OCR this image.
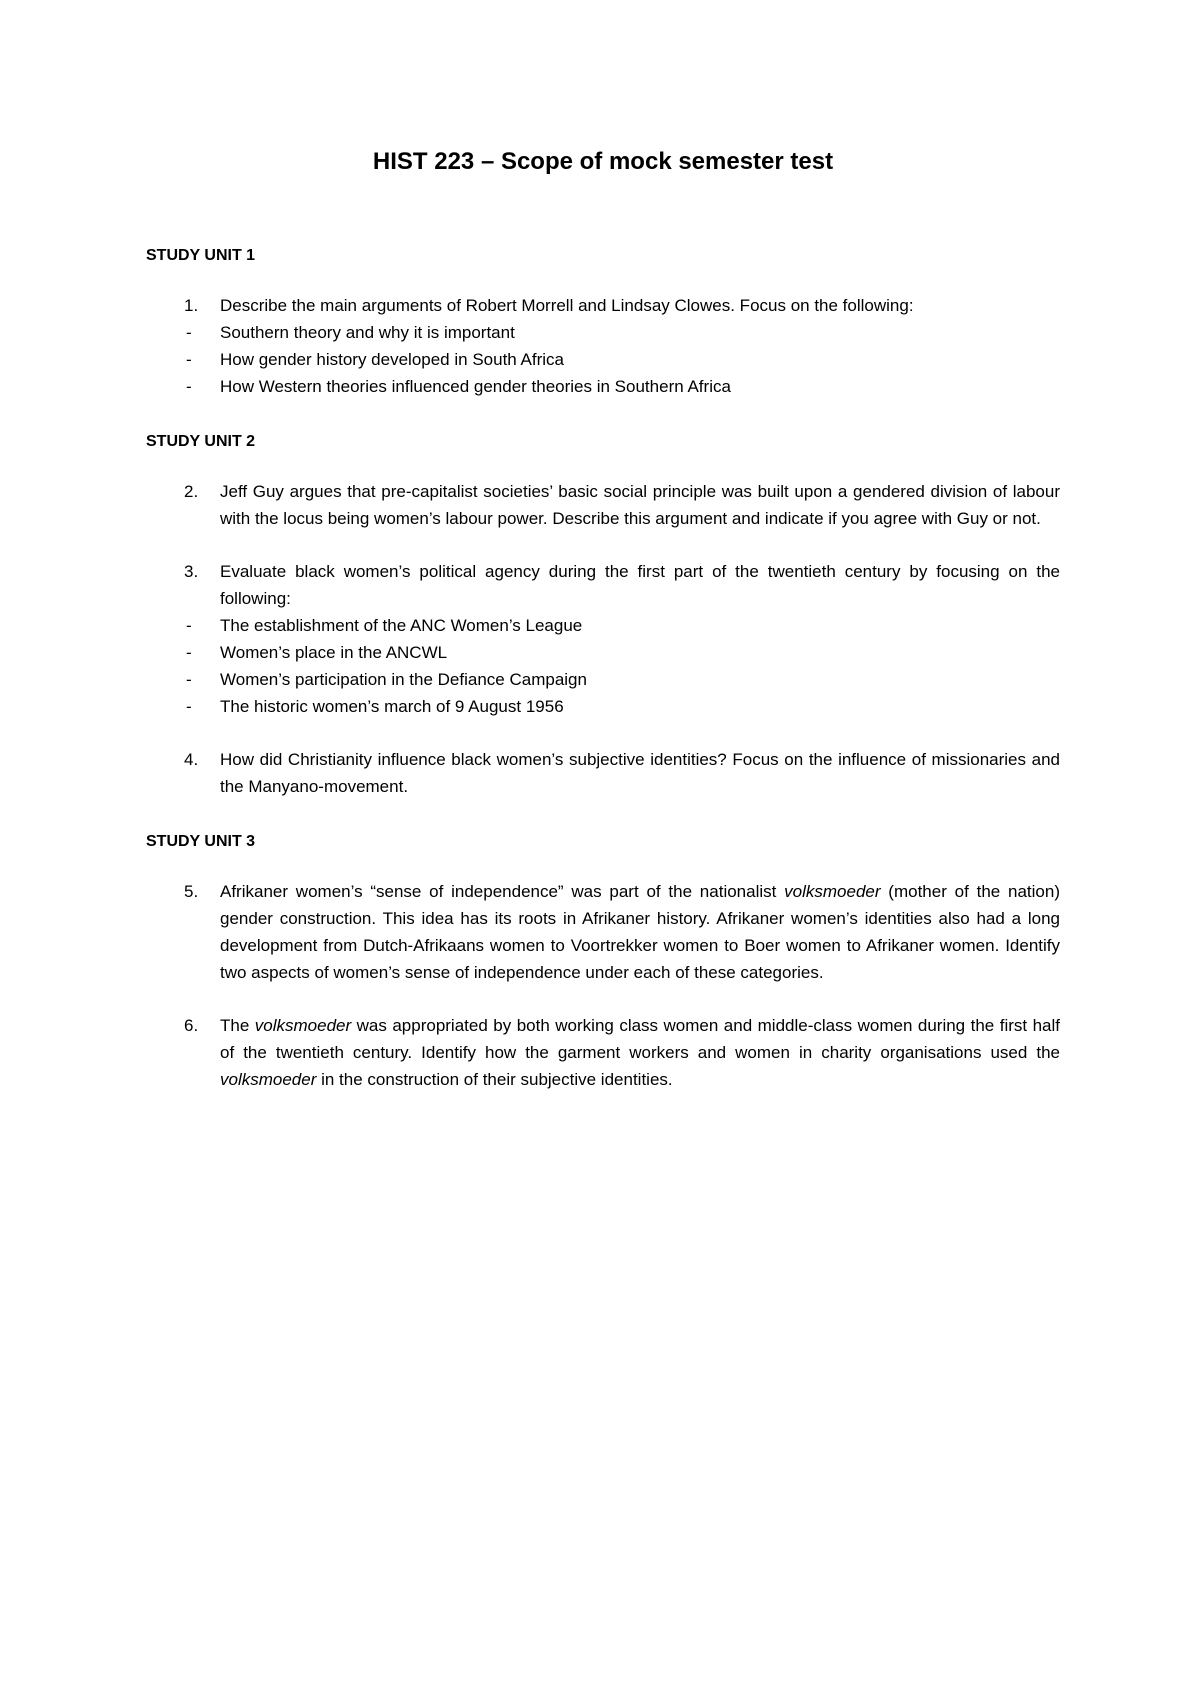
HIST 223 – Scope of mock semester test
STUDY UNIT 1
1.	Describe the main arguments of Robert Morrell and Lindsay Clowes. Focus on the following:
-	Southern theory and why it is important
-	How gender history developed in South Africa
-	How Western theories influenced gender theories in Southern Africa
STUDY UNIT 2
2.	Jeff Guy argues that pre-capitalist societies’ basic social principle was built upon a gendered division of labour with the locus being women’s labour power. Describe this argument and indicate if you agree with Guy or not.
3.	Evaluate black women’s political agency during the first part of the twentieth century by focusing on the following:
-	The establishment of the ANC Women’s League
-	Women’s place in the ANCWL
-	Women’s participation in the Defiance Campaign
-	The historic women’s march of 9 August 1956
4.	How did Christianity influence black women’s subjective identities? Focus on the influence of missionaries and the Manyano-movement.
STUDY UNIT 3
5.	Afrikaner women’s “sense of independence” was part of the nationalist volksmoeder (mother of the nation) gender construction. This idea has its roots in Afrikaner history. Afrikaner women’s identities also had a long development from Dutch-Afrikaans women to Voortrekker women to Boer women to Afrikaner women. Identify two aspects of women’s sense of independence under each of these categories.
6.	The volksmoeder was appropriated by both working class women and middle-class women during the first half of the twentieth century. Identify how the garment workers and women in charity organisations used the volksmoeder in the construction of their subjective identities.
